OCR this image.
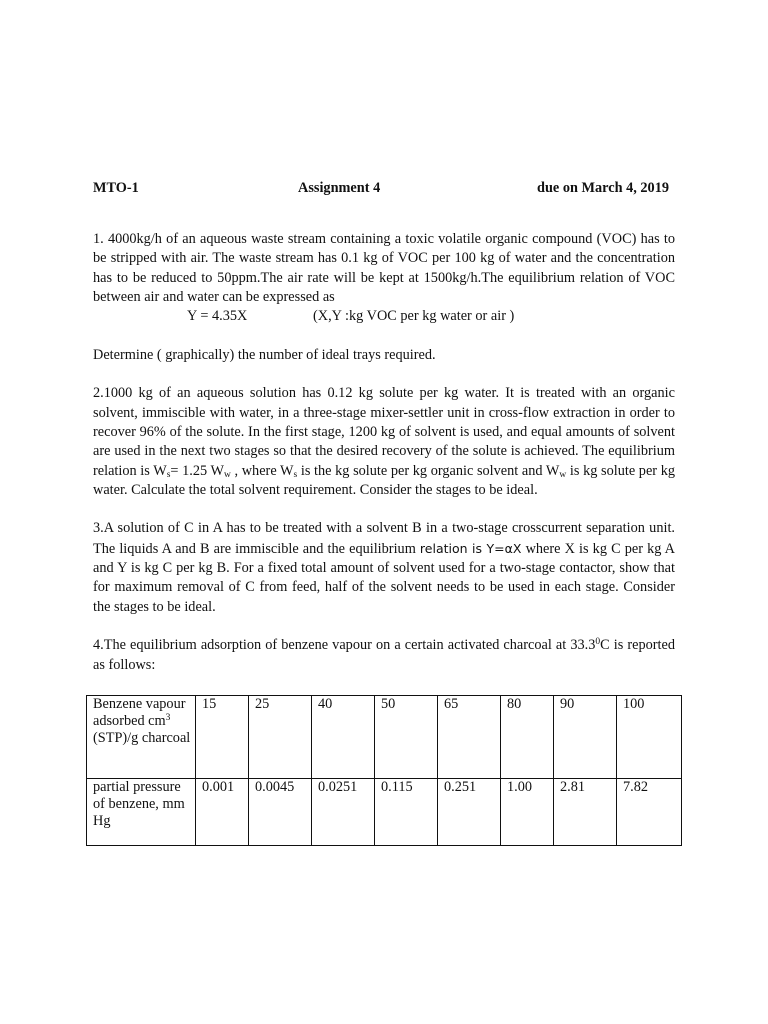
MTO-1	Assignment 4	due on March 4, 2019

1. 4000kg/h of an aqueous waste stream containing a toxic volatile organic compound (VOC) has to be stripped with air. The waste stream has 0.1 kg of VOC per 100 kg of water and the concentration has to be reduced to 50ppm.The air rate will be kept at 1500kg/h.The equilibrium relation of VOC between air and water can be expressed as

Y = 4.35X	(X,Y :kg VOC per kg water or air )

Determine ( graphically) the number of ideal trays required.

2.1000 kg of an aqueous solution has 0.12 kg solute per kg water. It is treated with an organic solvent, immiscible with water, in a three-stage mixer-settler unit in cross-flow extraction in order to recover 96% of the solute. In the first stage, 1200 kg of solvent is used, and equal amounts of solvent are used in the next two stages so that the desired recovery of the solute is achieved. The equilibrium relation is $W_s= 1.25$ $W_w$ , where $W_s$ is the kg solute per kg organic solvent and $W_w$ is kg solute per kg water. Calculate the total solvent requirement. Consider the stages to be ideal.

3.A solution of C in A has to be treated with a solvent B in a two-stage crosscurrent separation unit. The liquids A and B are immiscible and the equilibrium relation is Y=αX where X is kg C per kg A and Y is kg C per kg B. For a fixed total amount of solvent used for a two-stage contactor, show that for maximum removal of C from feed, half of the solvent needs to be used in each stage. Consider the stages to be ideal.

4.The equilibrium adsorption of benzene vapour on a certain activated charcoal at 33.3$^0$C is reported as follows:

Benzene vapour adsorbed $cm^3$ (STP)/g charcoal	15	25	40	50	65	80	90	100
partial pressure of benzene, mm Hg	0.001	0.0045	0.0251	0.115	0.251	1.00	2.81	7.82
